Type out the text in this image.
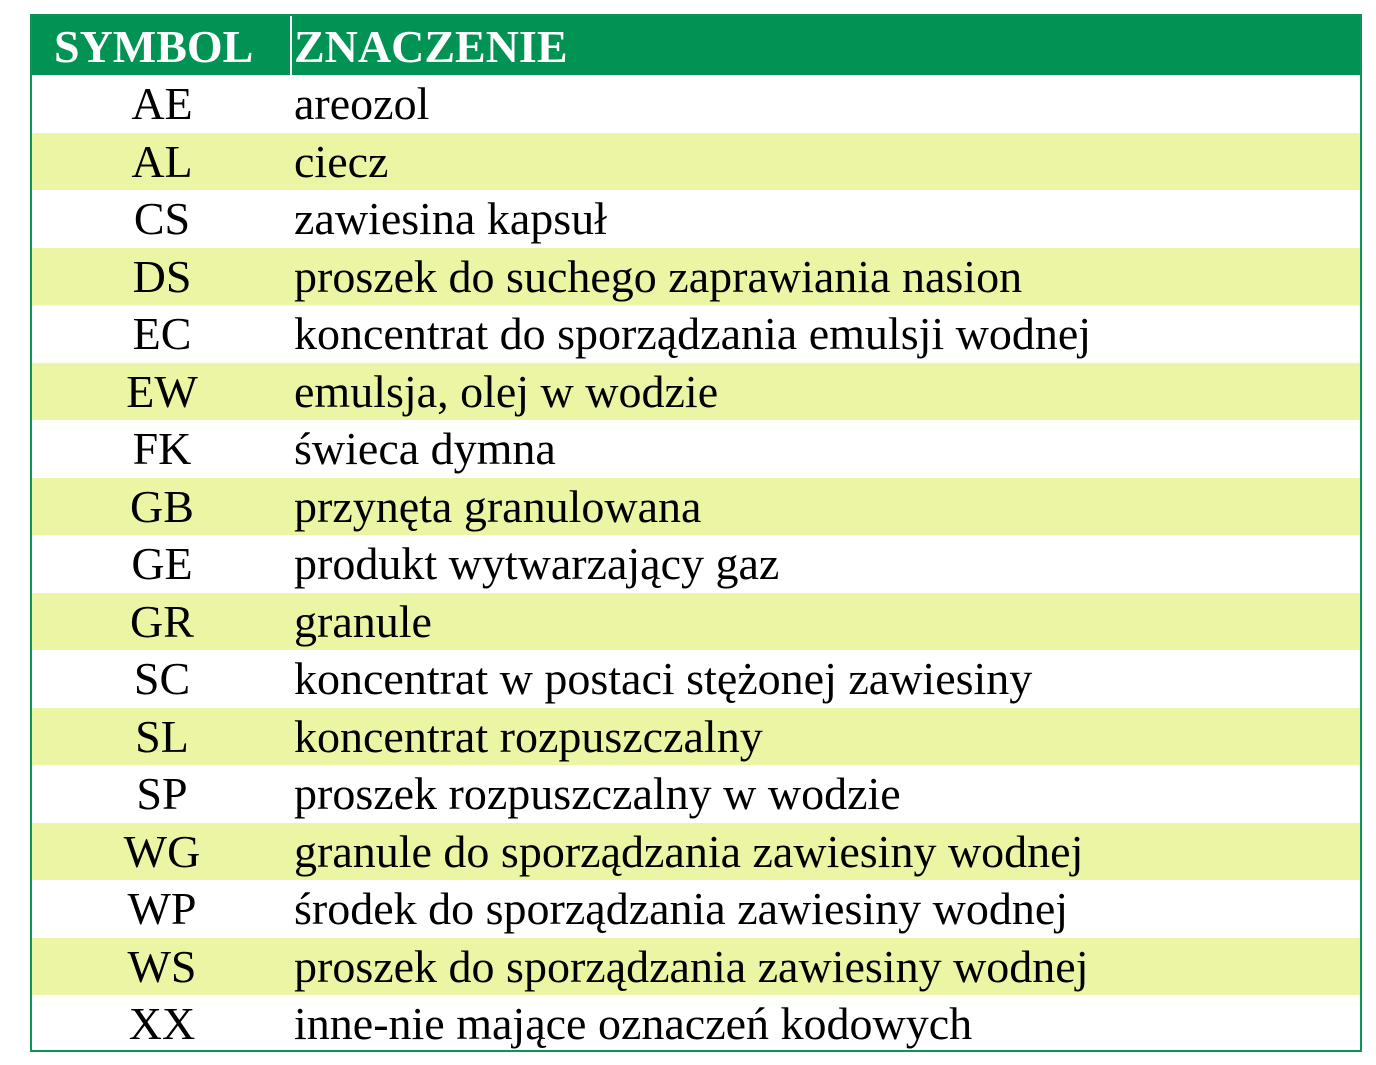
SYMBOL ZNACZENIE
AE	areozol
AL	ciecz
CS	zawiesina kapsuł
DS	proszek do suchego zaprawiania nasion
EC	koncentrat do sporządzania emulsji wodnej
EW	emulsja, olej w wodzie
FK	świeca dymna
GB	przynęta granulowana
GE	produkt wytwarzający gaz
GR	granule
SC	koncentrat w postaci stężonej zawiesiny
SL	koncentrat rozpuszczalny
SP	proszek rozpuszczalny w wodzie
WG	granule do sporządzania zawiesiny wodnej
WP	środek do sporządzania zawiesiny wodnej
WS	proszek do sporządzania zawiesiny wodnej
XX	inne-nie mające oznaczeń kodowych
